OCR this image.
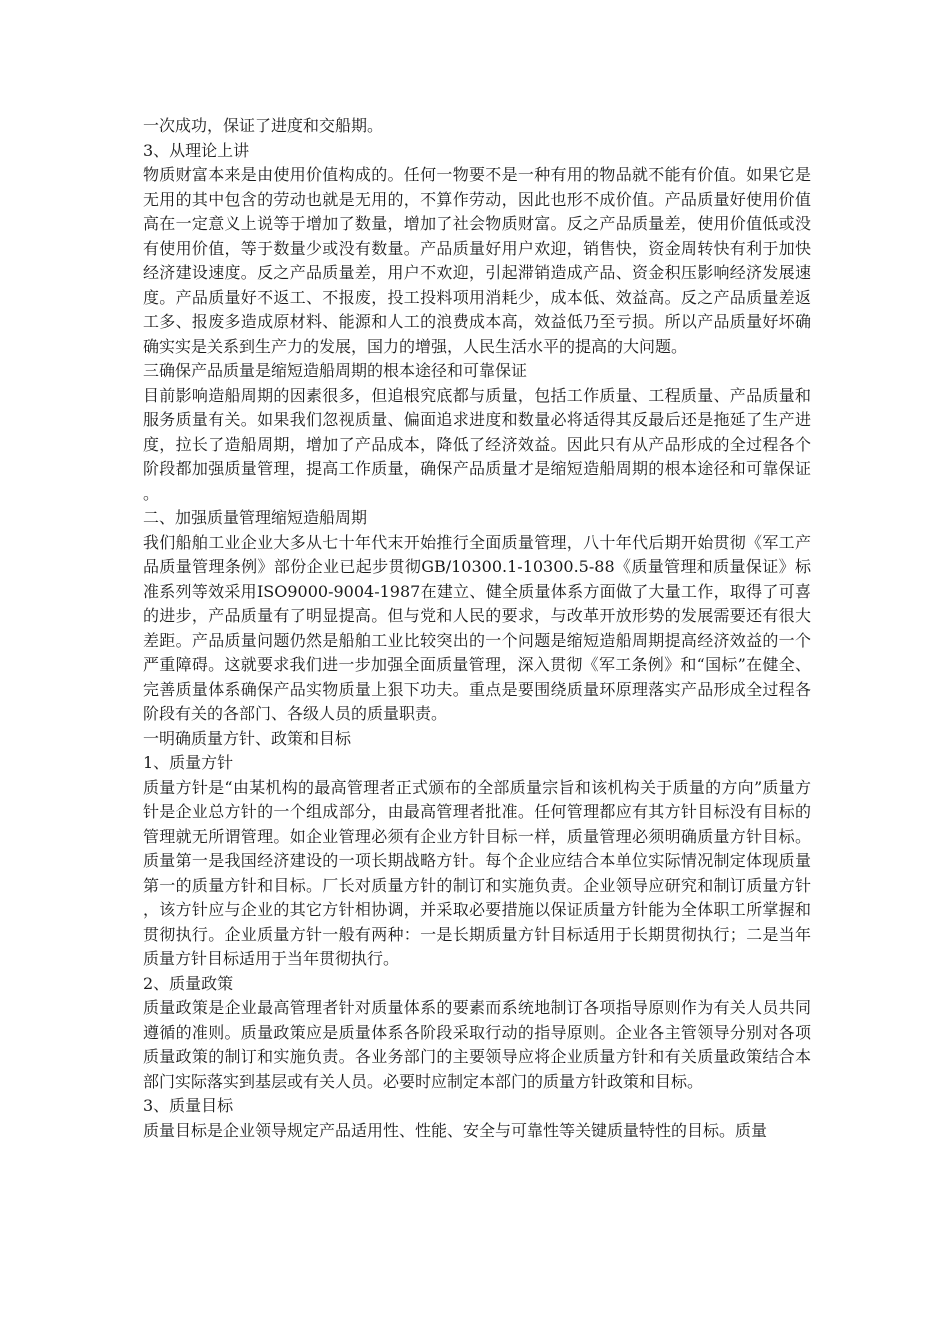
一次成功，保证了进度和交船期。

3、从理论上讲

物质财富本来是由使用价值构成的。任何一物要不是一种有用的物品就不能有价值。如果它是无用的其中包含的劳动也就是无用的，不算作劳动，因此也形不成价值。产品质量好使用价值高在一定意义上说等于增加了数量，增加了社会物质财富。反之产品质量差，使用价值低或没有使用价值，等于数量少或没有数量。产品质量好用户欢迎，销售快，资金周转快有利于加快经济建设速度。反之产品质量差，用户不欢迎，引起滞销造成产品、资金积压影响经济发展速度。产品质量好不返工、不报废，投工投料项用消耗少，成本低、效益高。反之产品质量差返工多、报废多造成原材料、能源和人工的浪费成本高，效益低乃至亏损。所以产品质量好坏确确实实是关系到生产力的发展，国力的增强，人民生活水平的提高的大问题。

三确保产品质量是缩短造船周期的根本途径和可靠保证

目前影响造船周期的因素很多，但追根究底都与质量，包括工作质量、工程质量、产品质量和服务质量有关。如果我们忽视质量、偏面追求进度和数量必将适得其反最后还是拖延了生产进度，拉长了造船周期，增加了产品成本，降低了经济效益。因此只有从产品形成的全过程各个阶段都加强质量管理，提高工作质量，确保产品质量才是缩短造船周期的根本途径和可靠保证。

二、加强质量管理缩短造船周期

我们船舶工业企业大多从七十年代末开始推行全面质量管理，八十年代后期开始贯彻《军工产品质量管理条例》部份企业已起步贯彻GB/10300.1-10300.5-88《质量管理和质量保证》标准系列等效采用ISO9000-9004-1987在建立、健全质量体系方面做了大量工作，取得了可喜的进步，产品质量有了明显提高。但与党和人民的要求，与改革开放形势的发展需要还有很大差距。产品质量问题仍然是船舶工业比较突出的一个问题是缩短造船周期提高经济效益的一个严重障碍。这就要求我们进一步加强全面质量管理，深入贯彻《军工条例》和“国标”在健全、完善质量体系确保产品实物质量上狠下功夫。重点是要围绕质量环原理落实产品形成全过程各阶段有关的各部门、各级人员的质量职责。

一明确质量方针、政策和目标

1、质量方针

质量方针是“由某机构的最高管理者正式颁布的全部质量宗旨和该机构关于质量的方向”质量方针是企业总方针的一个组成部分，由最高管理者批准。任何管理都应有其方针目标没有目标的管理就无所谓管理。如企业管理必须有企业方针目标一样，质量管理必须明确质量方针目标。质量第一是我国经济建设的一项长期战略方针。每个企业应结合本单位实际情况制定体现质量第一的质量方针和目标。厂长对质量方针的制订和实施负责。企业领导应研究和制订质量方针，该方针应与企业的其它方针相协调，并采取必要措施以保证质量方针能为全体职工所掌握和贯彻执行。企业质量方针一般有两种：一是长期质量方针目标适用于长期贯彻执行；二是当年质量方针目标适用于当年贯彻执行。

2、质量政策

质量政策是企业最高管理者针对质量体系的要素而系统地制订各项指导原则作为有关人员共同遵循的准则。质量政策应是质量体系各阶段采取行动的指导原则。企业各主管领导分别对各项质量政策的制订和实施负责。各业务部门的主要领导应将企业质量方针和有关质量政策结合本部门实际落实到基层或有关人员。必要时应制定本部门的质量方针政策和目标。

3、质量目标

质量目标是企业领导规定产品适用性、性能、安全与可靠性等关键质量特性的目标。质量
